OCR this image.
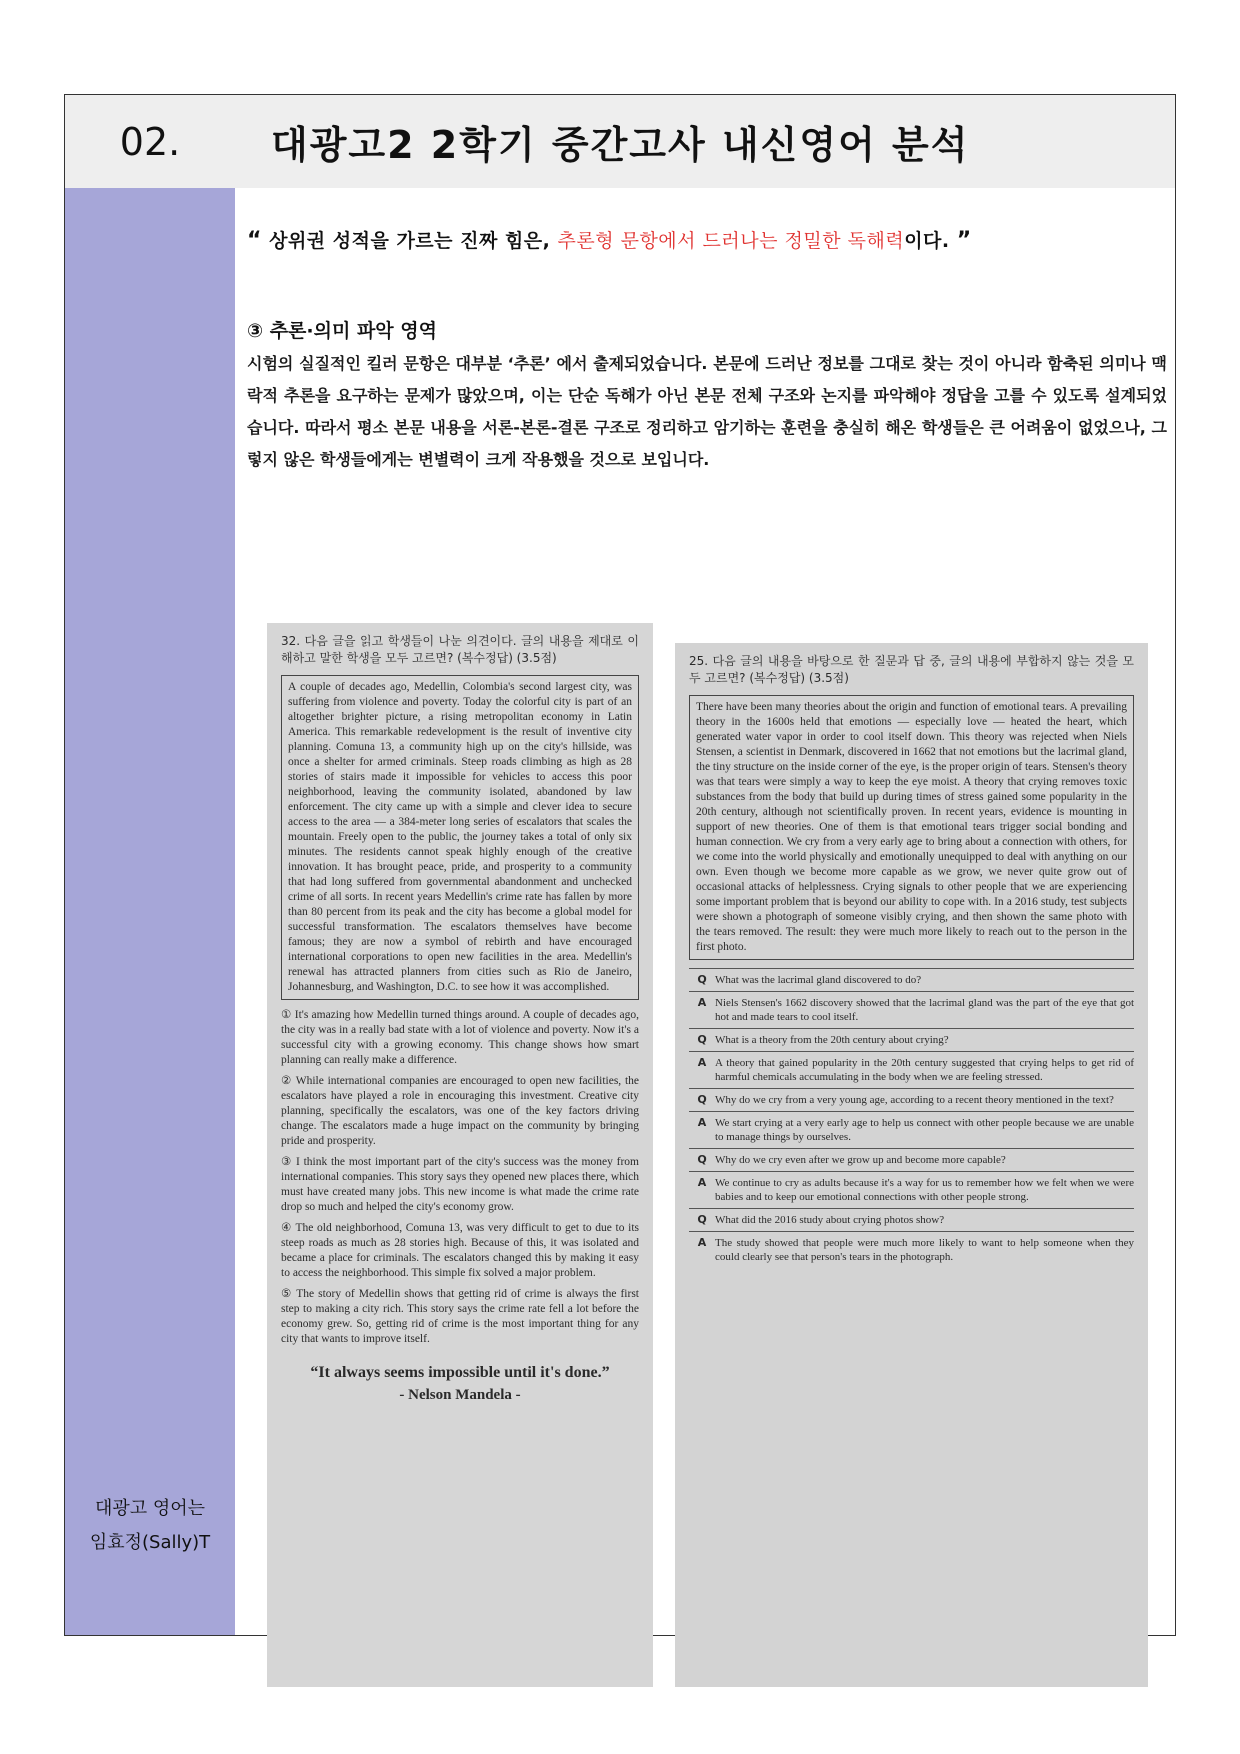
02.	대광고2 2학기 중간고사 내신영어 분석
대광고 영어는
임효정(Sally)T
“ 상위권 성적을 가르는 진짜 힘은, 추론형 문항에서 드러나는 정밀한 독해력이다. ”
③ 추론·의미 파악 영역
시험의 실질적인 킬러 문항은 대부분 ‘추론’ 에서 출제되었습니다. 본문에 드러난 정보를 그대로 찾는 것이 아니라 함축된 의미나 맥락적 추론을 요구하는 문제가 많았으며, 이는 단순 독해가 아닌 본문 전체 구조와 논지를 파악해야 정답을 고를 수 있도록 설계되었습니다. 따라서 평소 본문 내용을 서론-본론-결론 구조로 정리하고 암기하는 훈련을 충실히 해온 학생들은 큰 어려움이 없었으나, 그렇지 않은 학생들에게는 변별력이 크게 작용했을 것으로 보입니다.
32. 다음 글을 읽고 학생들이 나눈 의견이다. 글의 내용을 제대로 이해하고 말한 학생을 모두 고르면? (복수정답) (3.5점)
A couple of decades ago, Medellin, Colombia's second largest city, was suffering from violence and poverty. Today the colorful city is part of an altogether brighter picture, a rising metropolitan economy in Latin America. This remarkable redevelopment is the result of inventive city planning. Comuna 13, a community high up on the city's hillside, was once a shelter for armed criminals. Steep roads climbing as high as 28 stories of stairs made it impossible for vehicles to access this poor neighborhood, leaving the community isolated, abandoned by law enforcement. The city came up with a simple and clever idea to secure access to the area — a 384-meter long series of escalators that scales the mountain. Freely open to the public, the journey takes a total of only six minutes. The residents cannot speak highly enough of the creative innovation. It has brought peace, pride, and prosperity to a community that had long suffered from governmental abandonment and unchecked crime of all sorts. In recent years Medellin's crime rate has fallen by more than 80 percent from its peak and the city has become a global model for successful transformation. The escalators themselves have become famous; they are now a symbol of rebirth and have encouraged international corporations to open new facilities in the area. Medellin's renewal has attracted planners from cities such as Rio de Janeiro, Johannesburg, and Washington, D.C. to see how it was accomplished.
① It's amazing how Medellin turned things around. A couple of decades ago, the city was in a really bad state with a lot of violence and poverty. Now it's a successful city with a growing economy. This change shows how smart planning can really make a difference.
② While international companies are encouraged to open new facilities, the escalators have played a role in encouraging this investment. Creative city planning, specifically the escalators, was one of the key factors driving change. The escalators made a huge impact on the community by bringing pride and prosperity.
③ I think the most important part of the city's success was the money from international companies. This story says they opened new places there, which must have created many jobs. This new income is what made the crime rate drop so much and helped the city's economy grow.
④ The old neighborhood, Comuna 13, was very difficult to get to due to its steep roads as much as 28 stories high. Because of this, it was isolated and became a place for criminals. The escalators changed this by making it easy to access the neighborhood. This simple fix solved a major problem.
⑤ The story of Medellin shows that getting rid of crime is always the first step to making a city rich. This story says the crime rate fell a lot before the economy grew. So, getting rid of crime is the most important thing for any city that wants to improve itself.
“It always seems impossible until it's done.”
- Nelson Mandela -
25. 다음 글의 내용을 바탕으로 한 질문과 답 중, 글의 내용에 부합하지 않는 것을 모두 고르면? (복수정답) (3.5점)
There have been many theories about the origin and function of emotional tears. A prevailing theory in the 1600s held that emotions — especially love — heated the heart, which generated water vapor in order to cool itself down. This theory was rejected when Niels Stensen, a scientist in Denmark, discovered in 1662 that not emotions but the lacrimal gland, the tiny structure on the inside corner of the eye, is the proper origin of tears. Stensen's theory was that tears were simply a way to keep the eye moist. A theory that crying removes toxic substances from the body that build up during times of stress gained some popularity in the 20th century, although not scientifically proven. In recent years, evidence is mounting in support of new theories. One of them is that emotional tears trigger social bonding and human connection. We cry from a very early age to bring about a connection with others, for we come into the world physically and emotionally unequipped to deal with anything on our own. Even though we become more capable as we grow, we never quite grow out of occasional attacks of helplessness. Crying signals to other people that we are experiencing some important problem that is beyond our ability to cope with. In a 2016 study, test subjects were shown a photograph of someone visibly crying, and then shown the same photo with the tears removed. The result: they were much more likely to reach out to the person in the first photo.
Q What was the lacrimal gland discovered to do?
A Niels Stensen's 1662 discovery showed that the lacrimal gland was the part of the eye that got hot and made tears to cool itself.
Q What is a theory from the 20th century about crying?
A A theory that gained popularity in the 20th century suggested that crying helps to get rid of harmful chemicals accumulating in the body when we are feeling stressed.
Q Why do we cry from a very young age, according to a recent theory mentioned in the text?
A We start crying at a very early age to help us connect with other people because we are unable to manage things by ourselves.
Q Why do we cry even after we grow up and become more capable?
A We continue to cry as adults because it's a way for us to remember how we felt when we were babies and to keep our emotional connections with other people strong.
Q What did the 2016 study about crying photos show?
A The study showed that people were much more likely to want to help someone when they could clearly see that person's tears in the photograph.
